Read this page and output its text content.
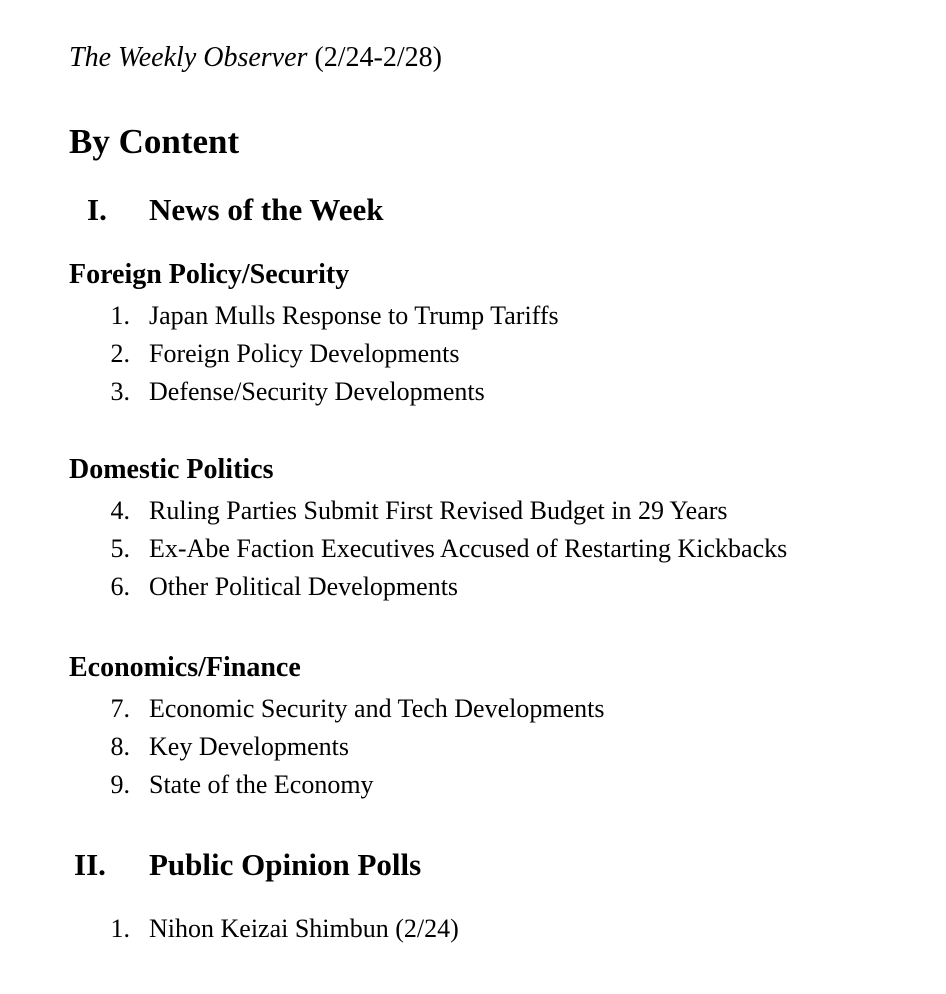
The Weekly Observer (2/24-2/28)
By Content
I. News of the Week
Foreign Policy/Security
1. Japan Mulls Response to Trump Tariffs
2. Foreign Policy Developments
3. Defense/Security Developments
Domestic Politics
4. Ruling Parties Submit First Revised Budget in 29 Years
5. Ex-Abe Faction Executives Accused of Restarting Kickbacks
6. Other Political Developments
Economics/Finance
7. Economic Security and Tech Developments
8. Key Developments
9. State of the Economy
II. Public Opinion Polls
1. Nihon Keizai Shimbun (2/24)
